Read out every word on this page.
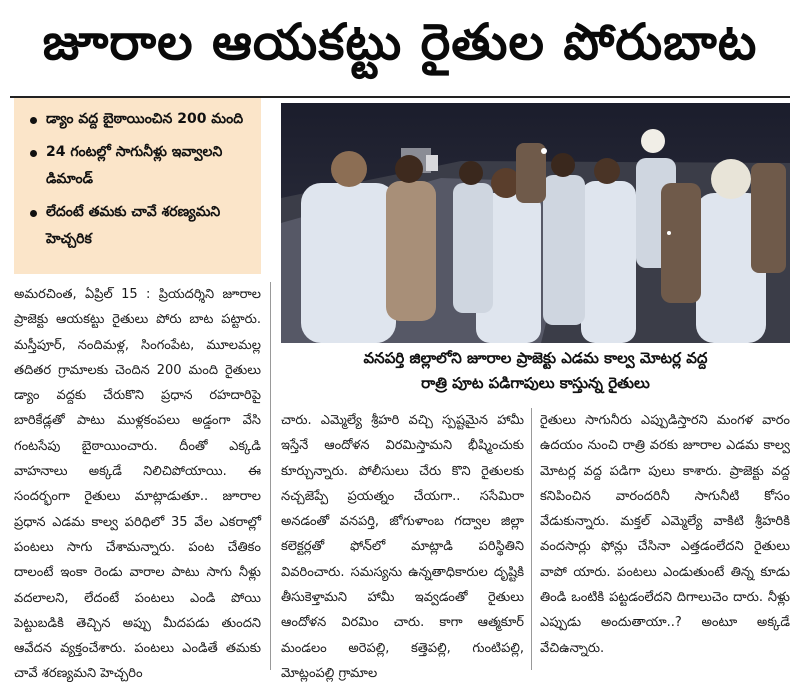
జూరాల ఆయకట్టు రైతుల పోరుబాట
డ్యాం వద్ద బైఠాయించిన 200 మంది
24 గంటల్లో సాగునీళ్లు ఇవ్వాలని డిమాండ్
లేదంటే తమకు చావే శరణ్యమని హెచ్చరిక
వనపర్తి జిల్లాలోని జూరాల ప్రాజెక్టు ఎడమ కాల్వ మోటర్ల వద్ద
రాత్రి పూట పడిగాపులు కాస్తున్న రైతులు
అమరచింత, ఏప్రిల్ 15 : ప్రియదర్శిని జూరాల ప్రాజెక్టు ఆయకట్టు రైతులు పోరు బాట పట్టారు. మస్తీపూర్, నందిమళ్ల, సింగంపేట, మూలమల్ల తదితర గ్రామాలకు చెందిన 200 మంది రైతులు డ్యాం వద్దకు చేరుకొని ప్రధాన రహదారిపై బారికేడ్లతో పాటు ముళ్లకంపలు అడ్డంగా వేసి గంటసేపు బైఠాయించారు. దీంతో ఎక్కడి వాహనాలు అక్కడే నిలిచిపోయాయి. ఈ సందర్భంగా రైతులు మాట్లాడుతూ.. జూరాల ప్రధాన ఎడమ కాల్వ పరిధిలో 35 వేల ఎకరాల్లో పంటలు సాగు చేశామన్నారు. పంట చేతికం దాలంటే ఇంకా రెండు వారాల పాటు సాగు నీళ్లు వదలాలని, లేదంటే పంటలు ఎండి పోయి పెట్టుబడికి తెచ్చిన అప్పు మీదపడు తుందని ఆవేదన వ్యక్తంచేశారు. పంటలు ఎండితే తమకు చావే శరణ్యమని హెచ్చరిం
చారు. ఎమ్మెల్యే శ్రీహరి వచ్చి స్పష్టమైన హామీ ఇస్తేనే ఆందోళన విరమిస్తామని భీష్మించుకు కూర్చున్నారు. పోలీసులు చేరు కొని రైతులకు నచ్చజెప్పే ప్రయత్నం చేయగా.. ససేమిరా అనడంతో వనపర్తి, జోగుళాంబ గద్వాల జిల్లా కలెక్టర్లతో ఫోన్‌లో మాట్లాడి పరిస్థితిని వివరించారు. సమస్యను ఉన్నతాధికారుల దృష్టికి తీసుకెళ్తామని హామీ ఇవ్వడంతో రైతులు ఆందోళన విరమిం చారు. కాగా ఆత్మకూర్ మండలం అరెపల్లి, కత్తెపల్లి, గుంటిపల్లి, మోట్లంపల్లి గ్రామాల
రైతులు సాగునీరు ఎప్పుడిస్తారని మంగళ వారం ఉదయం నుంచి రాత్రి వరకు జూరాల ఎడమ కాల్వ మోటర్ల వద్ద పడిగా పులు కాశారు. ప్రాజెక్టు వద్ద కనిపించిన వారందరినీ సాగునీటి కోసం వేడుకున్నారు. మక్తల్ ఎమ్మెల్యే వాకిటి శ్రీహరికి వందసార్లు ఫోన్లు చేసినా ఎత్తడంలేదని రైతులు వాపో యారు. పంటలు ఎండుతుంటే తిన్న కూడు తిండి ఒంటికి పట్టడంలేదని దిగాలుచెం దారు. నీళ్లు ఎప్పుడు అందుతాయా..? అంటూ అక్కడే వేచిఉన్నారు.
